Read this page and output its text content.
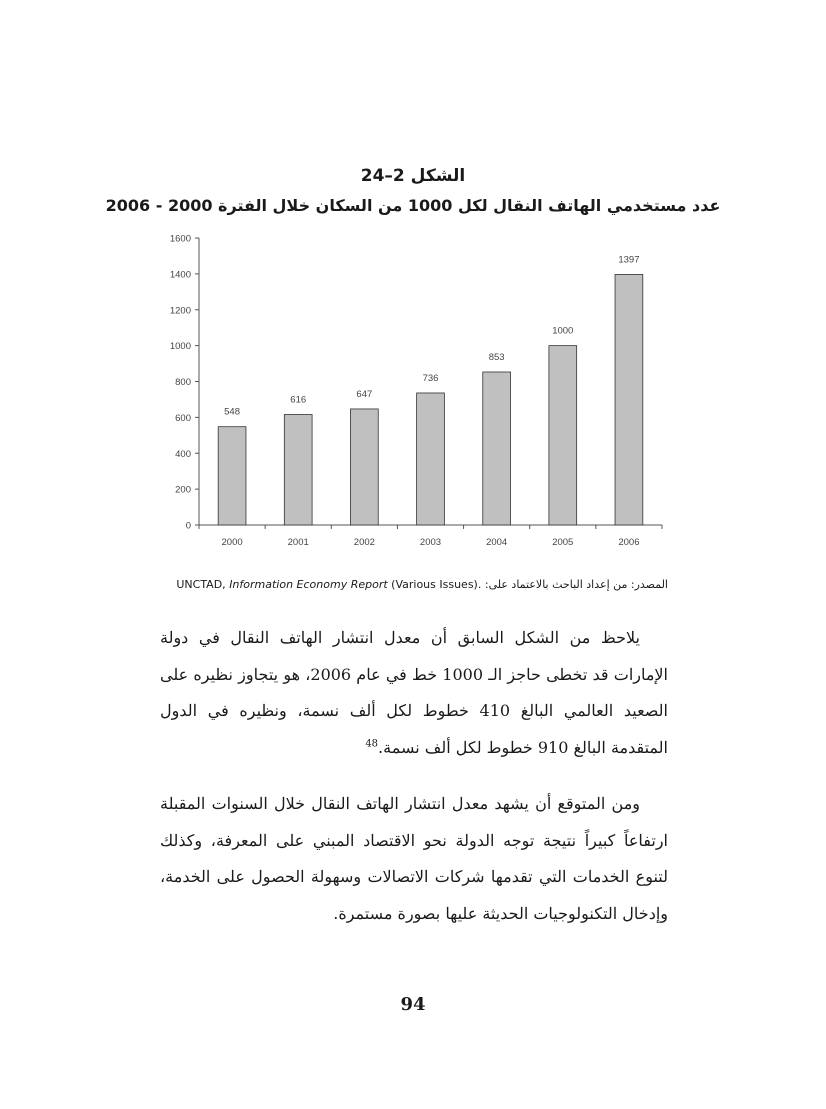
الشكل 2–24
عدد مستخدمي الهاتف النقال لكل 1000 من السكان خلال الفترة 2000 - 2006
0
200
400
600
800
1000
1200
1400
1600
2000	2001	2002	2003	2004	2005	2006
548
616
647
736
853
1000
1397
المصدر: من إعداد الباحث بالاعتماد على: UNCTAD, Information Economy Report (Various Issues).
يلاحظ من الشكل السابق أن معدل انتشار الهاتف النقال في دولة الإمارات قد تخطى حاجز الـ 1000 خط في عام 2006، هو يتجاوز نظيره على الصعيد العالمي البالغ 410 خطوط لكل ألف نسمة، ونظيره في الدول المتقدمة البالغ 910 خطوط لكل ألف نسمة.$^{48}$
ومن المتوقع أن يشهد معدل انتشار الهاتف النقال خلال السنوات المقبلة ارتفاعاً كبيراً نتيجة توجه الدولة نحو الاقتصاد المبني على المعرفة، وكذلك لتنوع الخدمات التي تقدمها شركات الاتصالات وسهولة الحصول على الخدمة، وإدخال التكنولوجيات الحديثة عليها بصورة مستمرة.
94
